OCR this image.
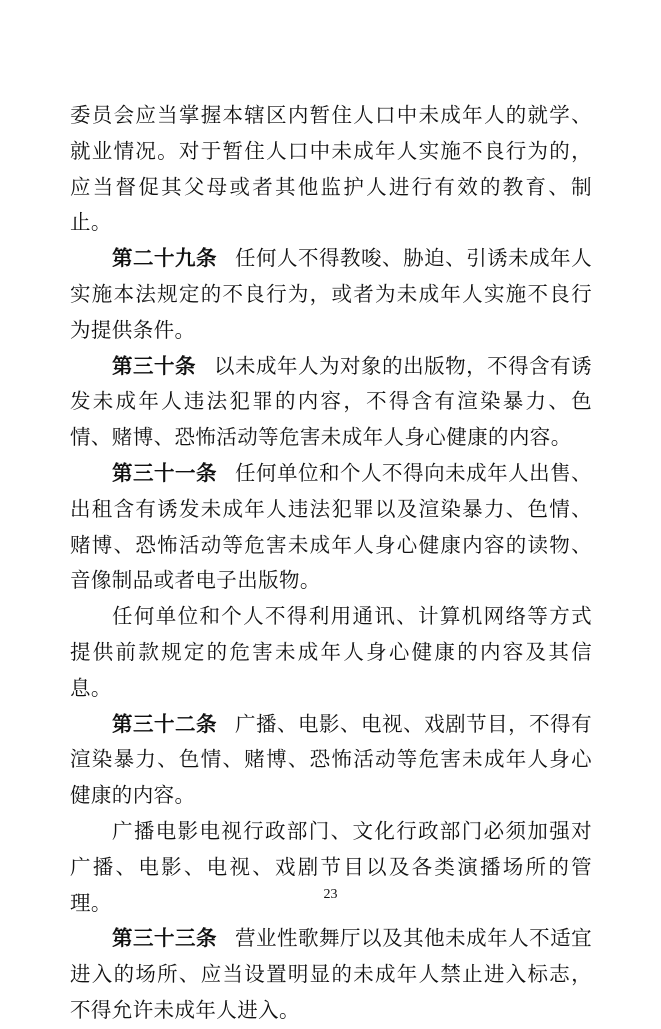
委员会应当掌握本辖区内暂住人口中未成年人的就学、就业情况。对于暂住人口中未成年人实施不良行为的，应当督促其父母或者其他监护人进行有效的教育、制止。

第二十九条 任何人不得教唆、胁迫、引诱未成年人实施本法规定的不良行为，或者为未成年人实施不良行为提供条件。

第三十条 以未成年人为对象的出版物，不得含有诱发未成年人违法犯罪的内容，不得含有渲染暴力、色情、赌博、恐怖活动等危害未成年人身心健康的内容。

第三十一条 任何单位和个人不得向未成年人出售、出租含有诱发未成年人违法犯罪以及渲染暴力、色情、赌博、恐怖活动等危害未成年人身心健康内容的读物、音像制品或者电子出版物。

任何单位和个人不得利用通讯、计算机网络等方式提供前款规定的危害未成年人身心健康的内容及其信息。

第三十二条 广播、电影、电视、戏剧节目，不得有渲染暴力、色情、赌博、恐怖活动等危害未成年人身心健康的内容。

广播电影电视行政部门、文化行政部门必须加强对广播、电影、电视、戏剧节目以及各类演播场所的管理。

第三十三条 营业性歌舞厅以及其他未成年人不适宜进入的场所、应当设置明显的未成年人禁止进入标志，不得允许未成年人进入。

23
